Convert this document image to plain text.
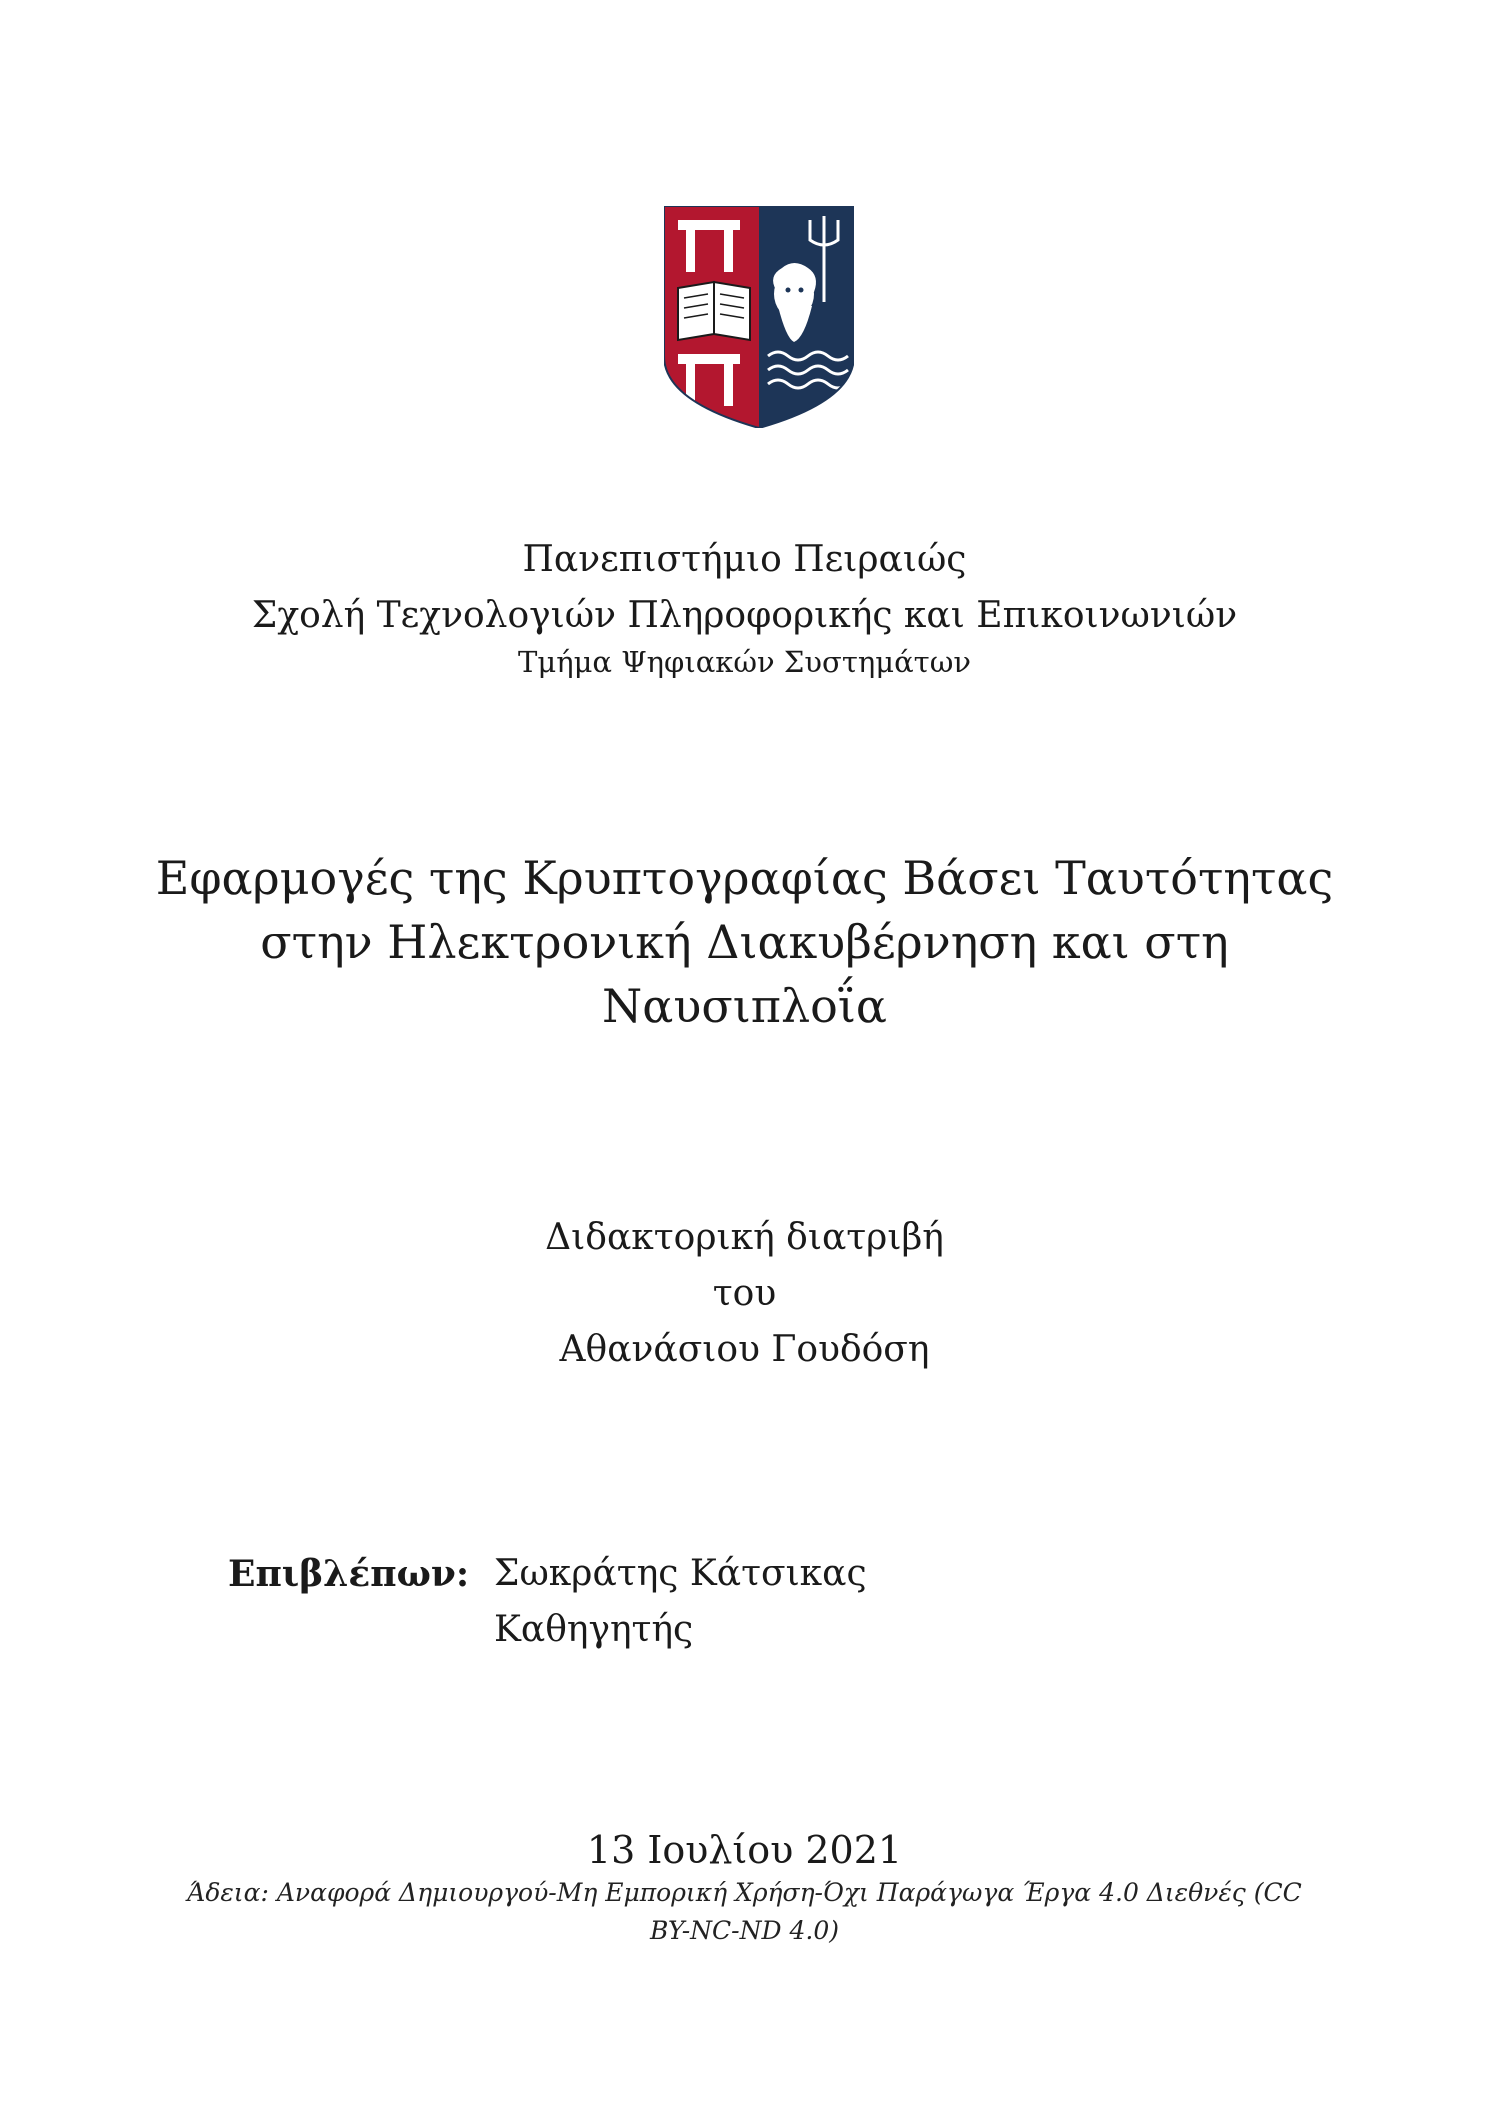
Πανεπιστήμιο Πειραιώς
Σχολή Τεχνολογιών Πληροφορικής και Επικοινωνιών
Τμήμα Ψηφιακών Συστημάτων
Εφαρμογές της Κρυπτογραφίας Βάσει Ταυτότητας
στην Ηλεκτρονική Διακυβέρνηση και στη
Ναυσιπλοΐα
Διδακτορική διατριβή
του
Αθανάσιου Γουδόση
Επιβλέπων: Σωκράτης Κάτσικας
Καθηγητής
13 Ιουλίου 2021
Άδεια: Αναφορά Δημιουργού-Μη Εμπορική Χρήση-Όχι Παράγωγα Έργα 4.0 Διεθνές (CC
BY-NC-ND 4.0)
